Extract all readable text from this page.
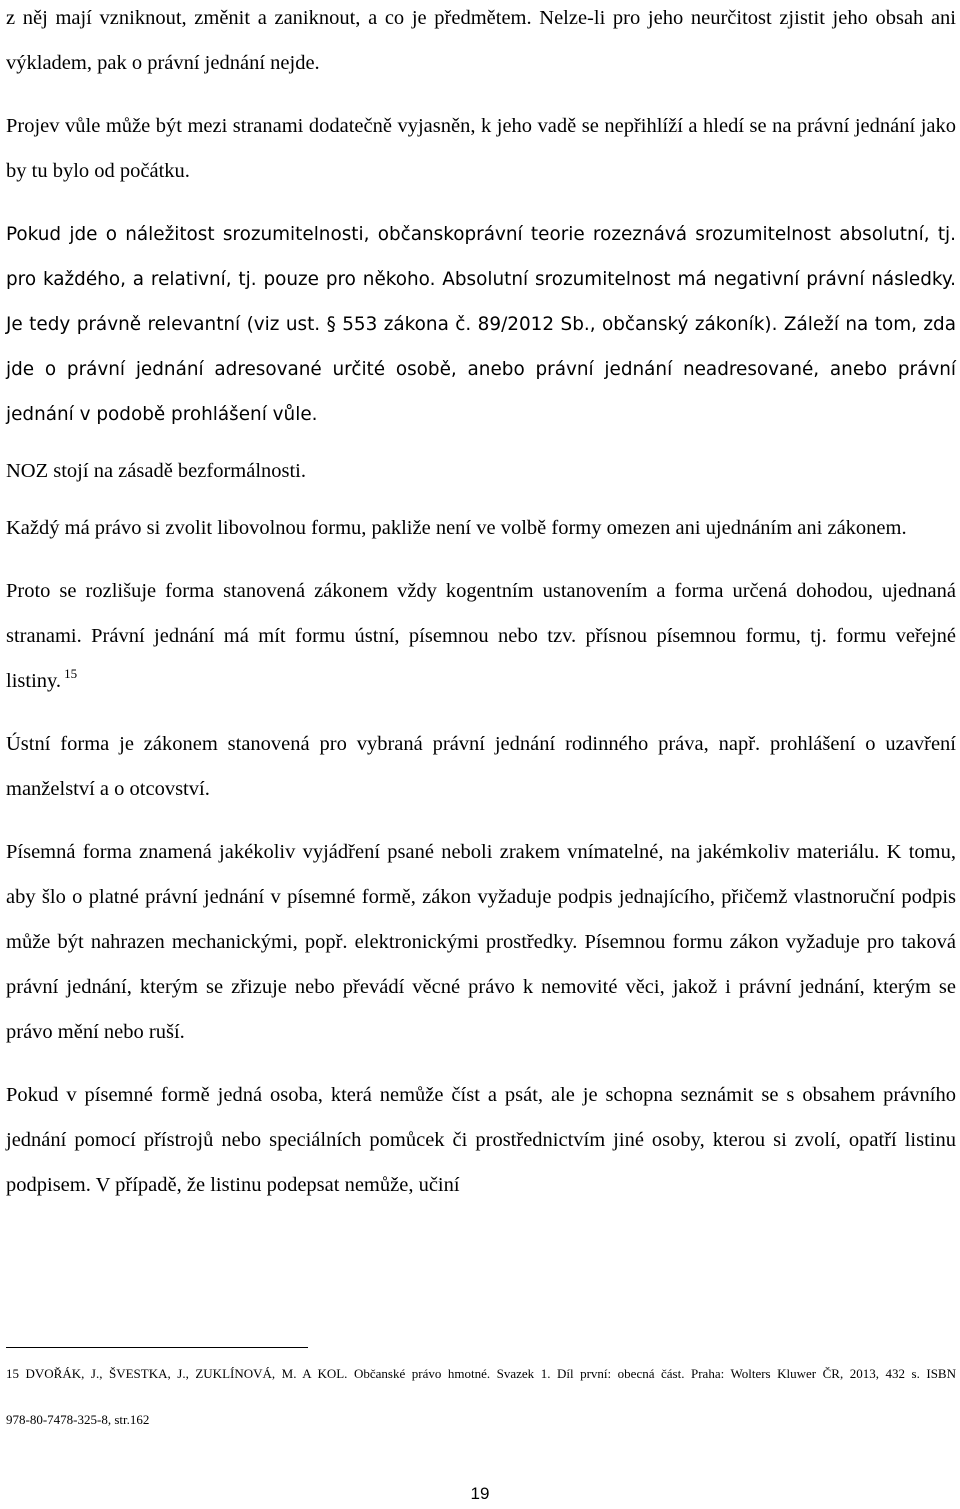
z něj mají vzniknout, změnit a zaniknout, a co je předmětem. Nelze-li pro jeho neurčitost zjistit jeho obsah ani výkladem, pak o právní jednání nejde.

Projev vůle může být mezi stranami dodatečně vyjasněn, k jeho vadě se nepřihlíží a hledí se na právní jednání jako by tu bylo od počátku.

Pokud jde o náležitost srozumitelnosti, občanskoprávní teorie rozeznává srozumitelnost absolutní, tj. pro každého, a relativní, tj. pouze pro někoho. Absolutní srozumitelnost má negativní právní následky. Je tedy právně relevantní (viz ust. § 553 zákona č. 89/2012 Sb., občanský zákoník). Záleží na tom, zda jde o právní jednání adresované určité osobě, anebo právní jednání neadresované, anebo právní jednání v podobě prohlášení vůle.

NOZ stojí na zásadě bezformálnosti.

Každý má právo si zvolit libovolnou formu, pakliže není ve volbě formy omezen ani ujednáním ani zákonem.

Proto se rozlišuje forma stanovená zákonem vždy kogentním ustanovením a forma určená dohodou, ujednaná stranami. Právní jednání má mít formu ústní, písemnou nebo tzv. přísnou písemnou formu, tj. formu veřejné listiny. $^{15}$

Ústní forma je zákonem stanovená pro vybraná právní jednání rodinného práva, např. prohlášení o uzavření manželství a o otcovství.

Písemná forma znamená jakékoliv vyjádření psané neboli zrakem vnímatelné, na jakémkoliv materiálu. K tomu, aby šlo o platné právní jednání v písemné formě, zákon vyžaduje podpis jednajícího, přičemž vlastnoruční podpis může být nahrazen mechanickými, popř. elektronickými prostředky. Písemnou formu zákon vyžaduje pro taková právní jednání, kterým se zřizuje nebo převádí věcné právo k nemovité věci, jakož i právní jednání, kterým se právo mění nebo ruší.

Pokud v písemné formě jedná osoba, která nemůže číst a psát, ale je schopna seznámit se s obsahem právního jednání pomocí přístrojů nebo speciálních pomůcek či prostřednictvím jiné osoby, kterou si zvolí, opatří listinu podpisem. V případě, že listinu podepsat nemůže, učiní

15 DVOŘÁK, J., ŠVESTKA, J., ZUKLÍNOVÁ, M. A KOL. Občanské právo hmotné. Svazek 1. Díl první: obecná část. Praha: Wolters Kluwer ČR, 2013, 432 s. ISBN
978-80-7478-325-8, str.162
19
